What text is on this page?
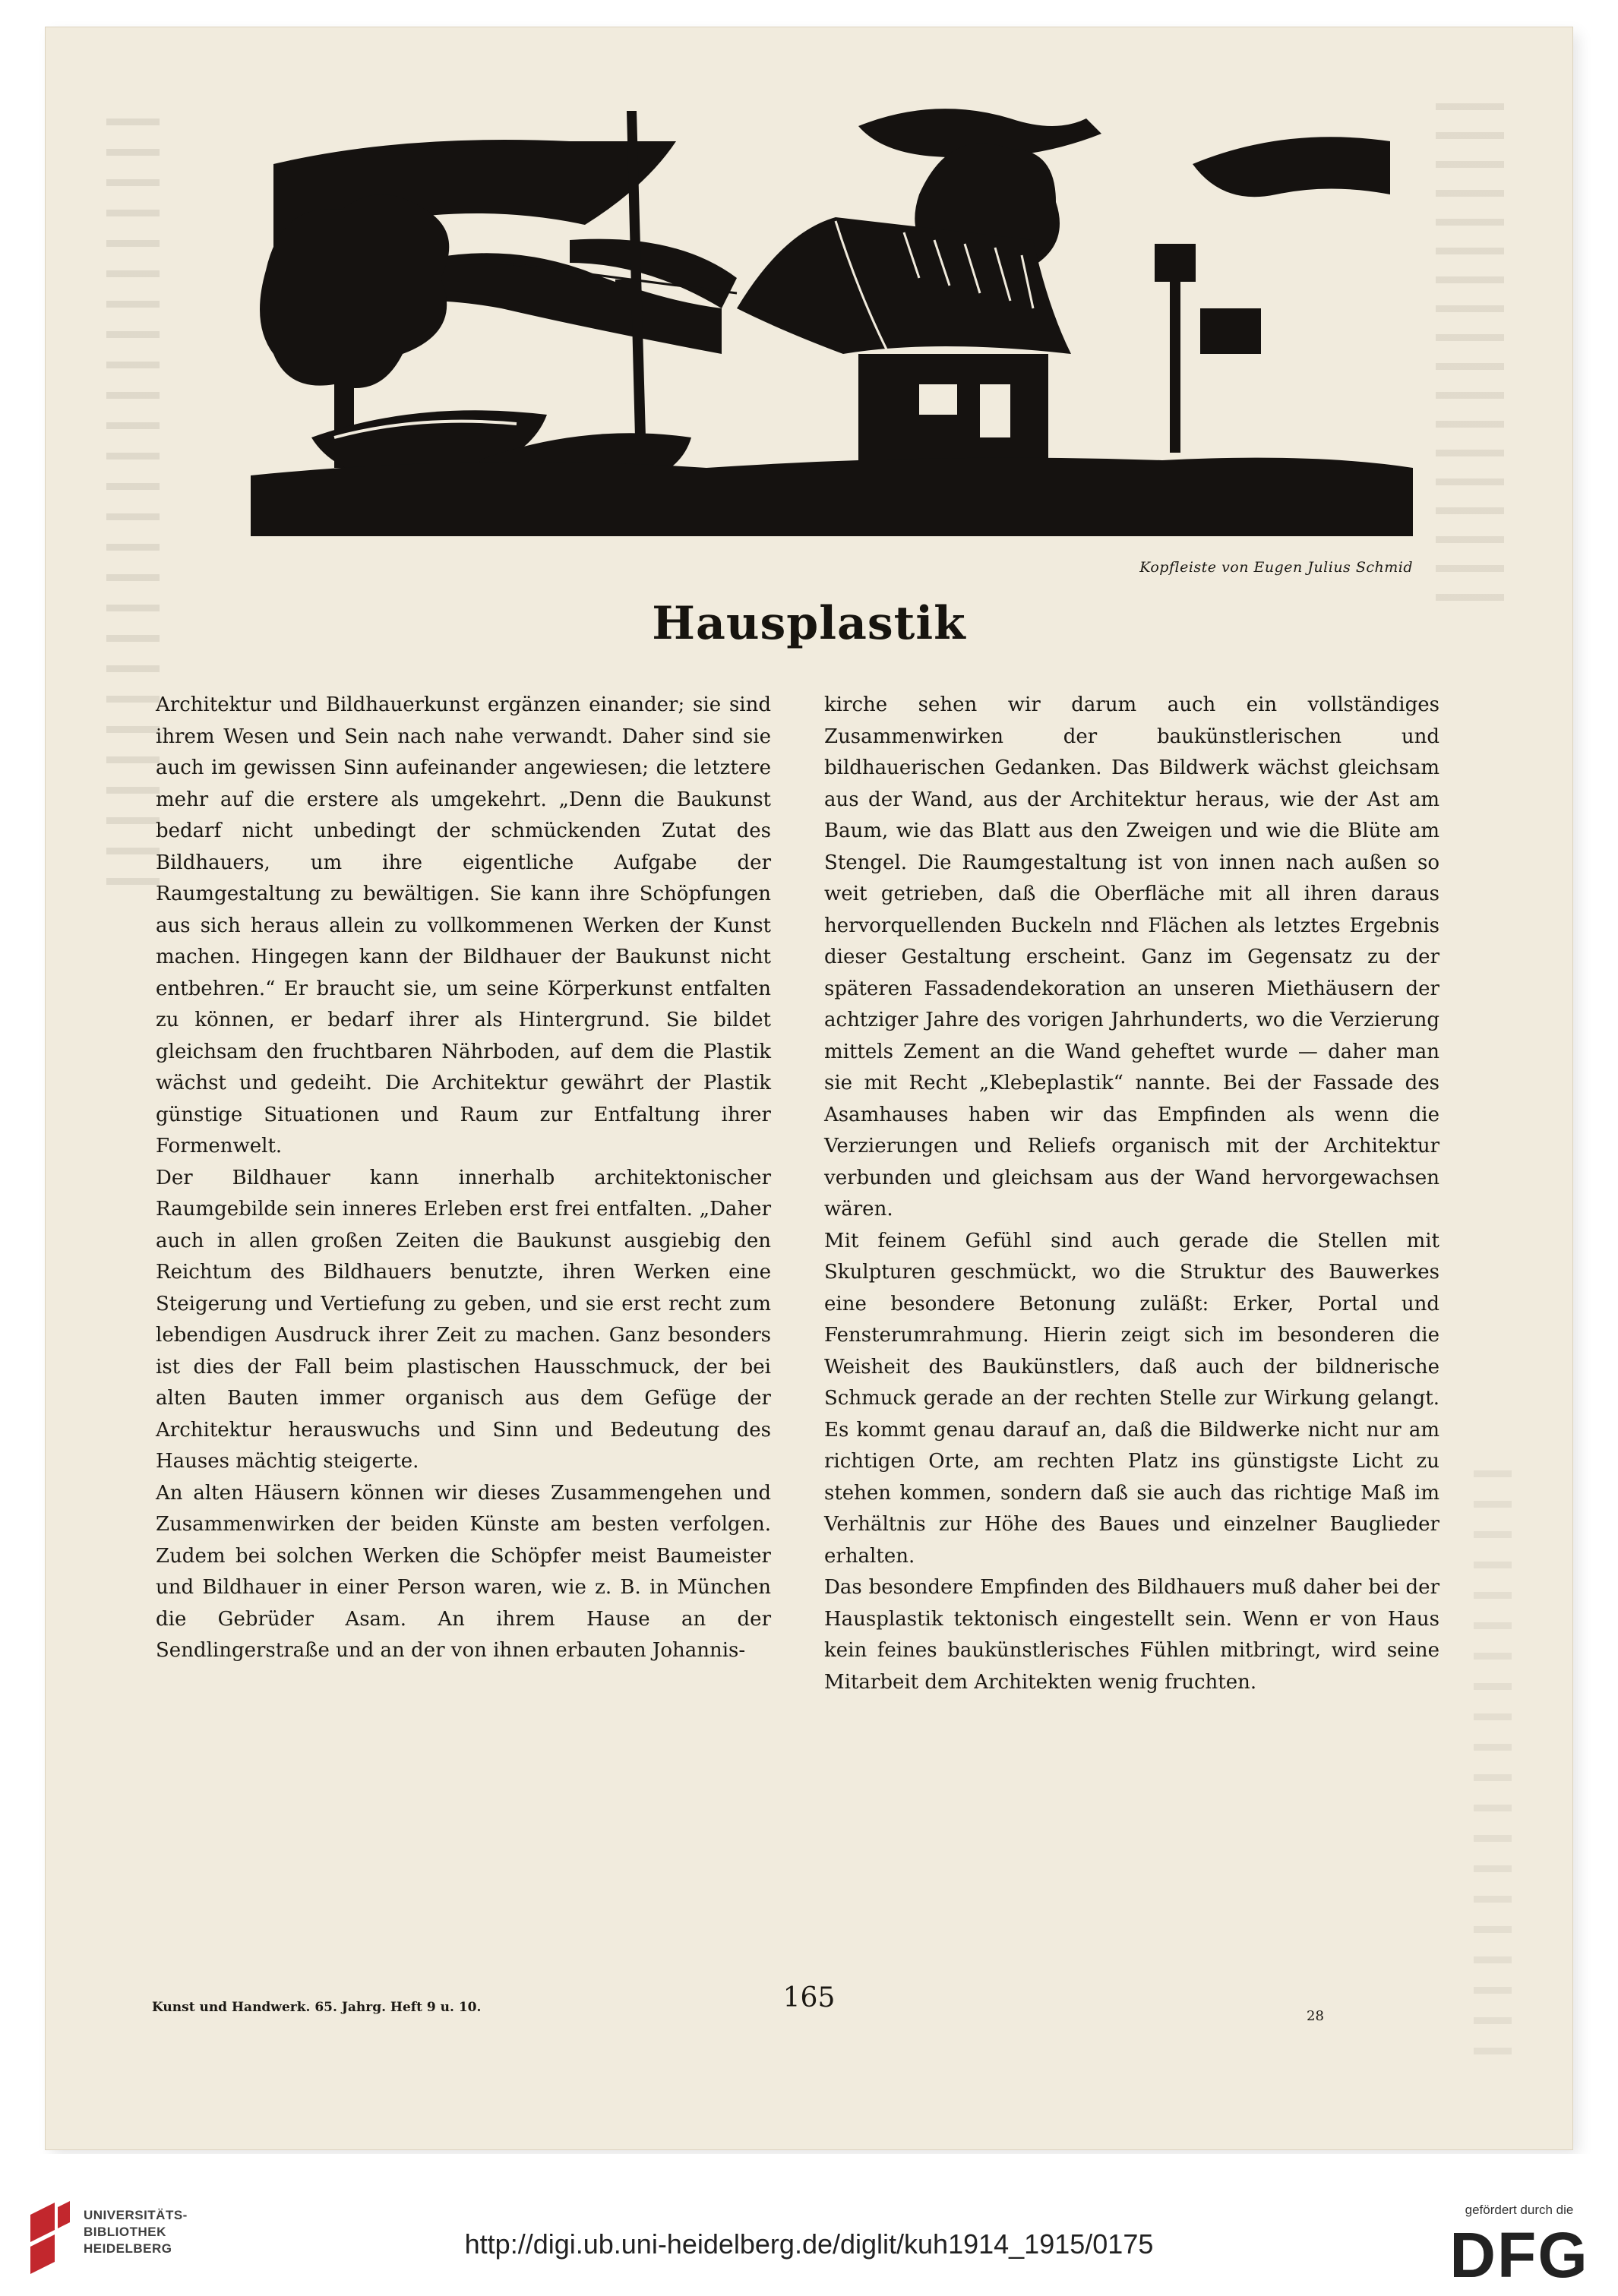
Kopfleiste von Eugen Julius Schmid
Hausplastik

Architektur und Bildhauerkunst ergänzen einander; sie sind ihrem Wesen und Sein nach nahe verwandt. Daher sind sie auch im gewissen Sinn aufeinander angewiesen; die letztere mehr auf die erstere als umgekehrt. „Denn die Baukunst bedarf nicht unbedingt der schmückenden Zutat des Bildhauers, um ihre eigentliche Aufgabe der Raumgestaltung zu bewältigen. Sie kann ihre Schöpfungen aus sich heraus allein zu vollkommenen Werken der Kunst machen. Hingegen kann der Bildhauer der Baukunst nicht entbehren.“ Er braucht sie, um seine Körperkunst entfalten zu können, er bedarf ihrer als Hintergrund. Sie bildet gleichsam den fruchtbaren Nährboden, auf dem die Plastik wächst und gedeiht. Die Architektur gewährt der Plastik günstige Situationen und Raum zur Entfaltung ihrer Formenwelt.

Der Bildhauer kann innerhalb architektonischer Raumgebilde sein inneres Erleben erst frei entfalten. „Daher auch in allen großen Zeiten die Baukunst ausgiebig den Reichtum des Bildhauers benutzte, ihren Werken eine Steigerung und Vertiefung zu geben, und sie erst recht zum lebendigen Ausdruck ihrer Zeit zu machen. Ganz besonders ist dies der Fall beim plastischen Hausschmuck, der bei alten Bauten immer organisch aus dem Gefüge der Architektur herauswuchs und Sinn und Bedeutung des Hauses mächtig steigerte.

An alten Häusern können wir dieses Zusammengehen und Zusammenwirken der beiden Künste am besten verfolgen. Zudem bei solchen Werken die Schöpfer meist Baumeister und Bildhauer in einer Person waren, wie z. B. in München die Gebrüder Asam. An ihrem Hause an der Sendlingerstraße und an der von ihnen erbauten Johannis-

kirche sehen wir darum auch ein vollständiges Zusammenwirken der baukünstlerischen und bildhauerischen Gedanken. Das Bildwerk wächst gleichsam aus der Wand, aus der Architektur heraus, wie der Ast am Baum, wie das Blatt aus den Zweigen und wie die Blüte am Stengel. Die Raumgestaltung ist von innen nach außen so weit getrieben, daß die Oberfläche mit all ihren daraus hervorquellenden Buckeln nnd Flächen als letztes Ergebnis dieser Gestaltung erscheint. Ganz im Gegensatz zu der späteren Fassadendekoration an unseren Miethäusern der achtziger Jahre des vorigen Jahrhunderts, wo die Verzierung mittels Zement an die Wand geheftet wurde — daher man sie mit Recht „Klebeplastik“ nannte. Bei der Fassade des Asamhauses haben wir das Empfinden als wenn die Verzierungen und Reliefs organisch mit der Architektur verbunden und gleichsam aus der Wand hervorgewachsen wären.

Mit feinem Gefühl sind auch gerade die Stellen mit Skulpturen geschmückt, wo die Struktur des Bauwerkes eine besondere Betonung zuläßt: Erker, Portal und Fensterumrahmung. Hierin zeigt sich im besonderen die Weisheit des Baukünstlers, daß auch der bildnerische Schmuck gerade an der rechten Stelle zur Wirkung gelangt. Es kommt genau darauf an, daß die Bildwerke nicht nur am richtigen Orte, am rechten Platz ins günstigste Licht zu stehen kommen, sondern daß sie auch das richtige Maß im Verhältnis zur Höhe des Baues und einzelner Bauglieder erhalten.

Das besondere Empfinden des Bildhauers muß daher bei der Hausplastik tektonisch eingestellt sein. Wenn er von Haus kein feines baukünstlerisches Fühlen mitbringt, wird seine Mitarbeit dem Architekten wenig fruchten.

Kunst und Handwerk. 65. Jahrg. Heft 9 u. 10.	165
28
UNIVERSITÄTS-
BIBLIOTHEK
HEIDELBERG	http://digi.ub.uni-heidelberg.de/diglit/kuh1914_1915/0175
gefördert durch die
DFG
